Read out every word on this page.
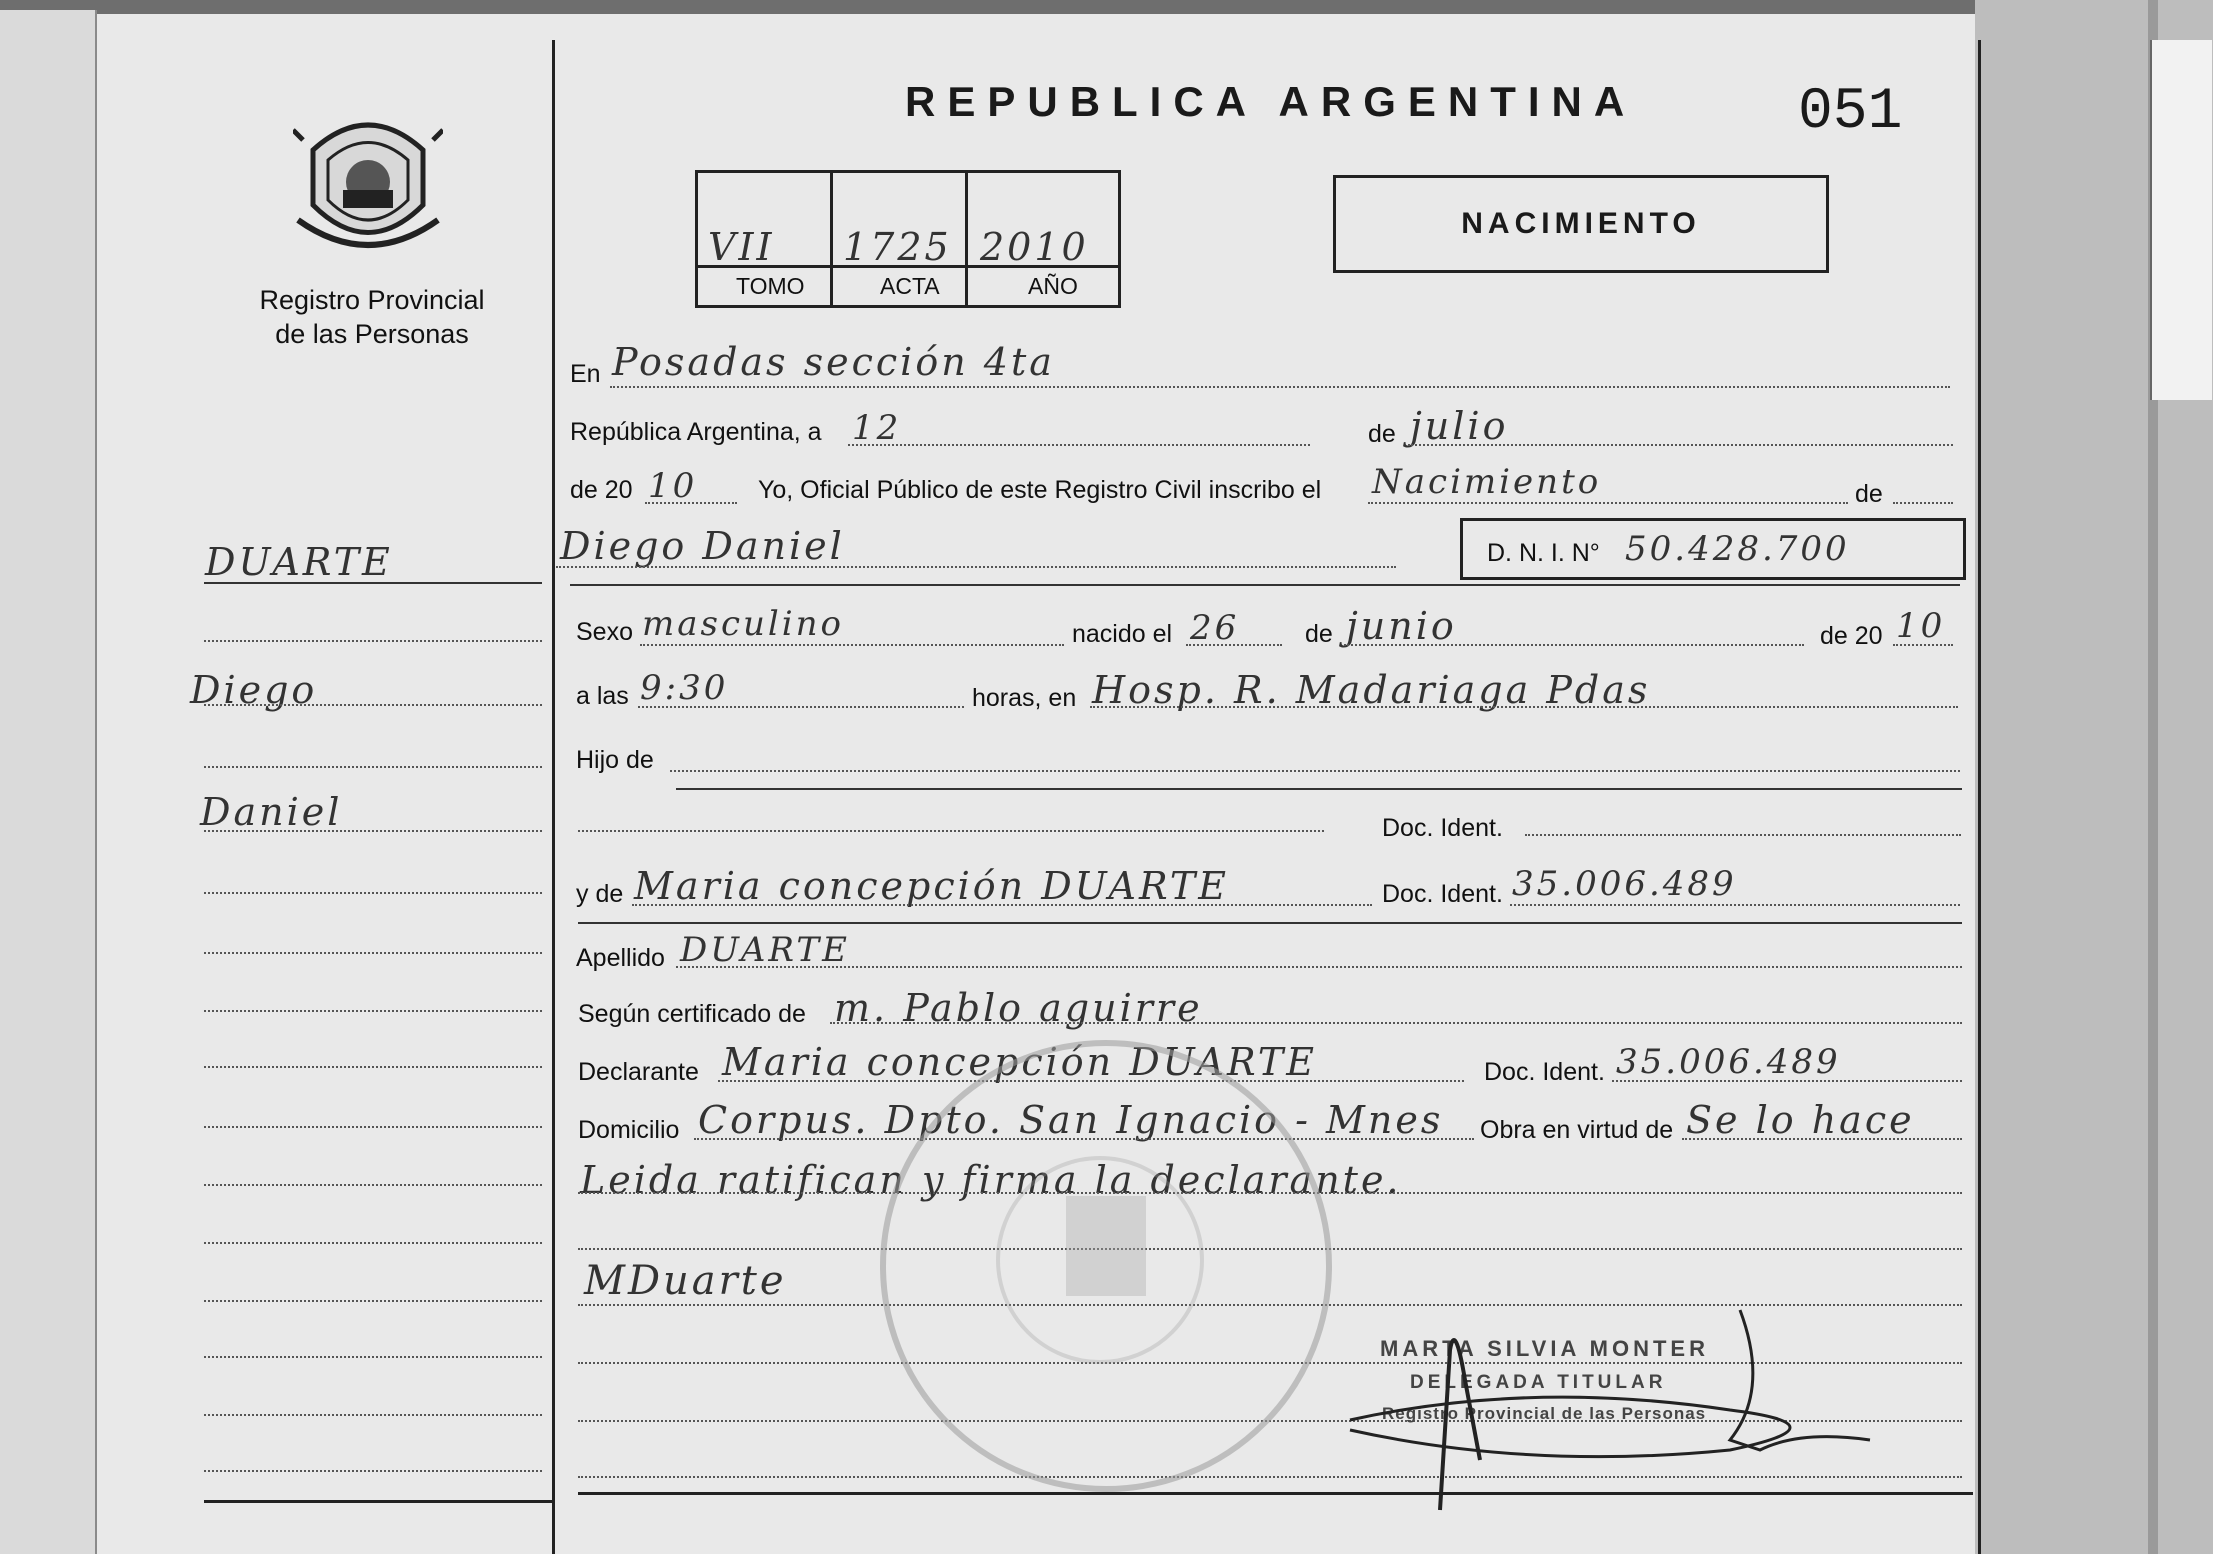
Registro Provincial
de las Personas
REPUBLICA ARGENTINA	051
NACIMIENTO
VII 1725 2010
TOMO	ACTA	AÑO
DUARTE
Diego
Daniel
En Posadas sección 4ta
República Argentina, a 12	de julio
de 20 10 Yo, Oficial Público de este Registro Civil inscribo el Nacimiento	de
Diego Daniel	D. N. I. N° 50.428.700
Sexo masculino	nacido el 26	de junio	de 20 10
a las 9:30	horas, en Hosp. R. Madariaga Pdas
Hijo de
Doc. Ident.
y de Maria concepción DUARTE	Doc. Ident. 35.006.489
Apellido DUARTE
Según certificado de m. Pablo aguirre
Declarante Maria concepción DUARTE	Doc. Ident. 35.006.489
Domicilio Corpus. Dpto. San Ignacio - Mnes Obra en virtud de Se lo hace
Leida ratifican y firma la declarante.
MDuarte
MARTA SILVIA MONTER
DELEGADA TITULAR
Registro Provincial de las Personas
